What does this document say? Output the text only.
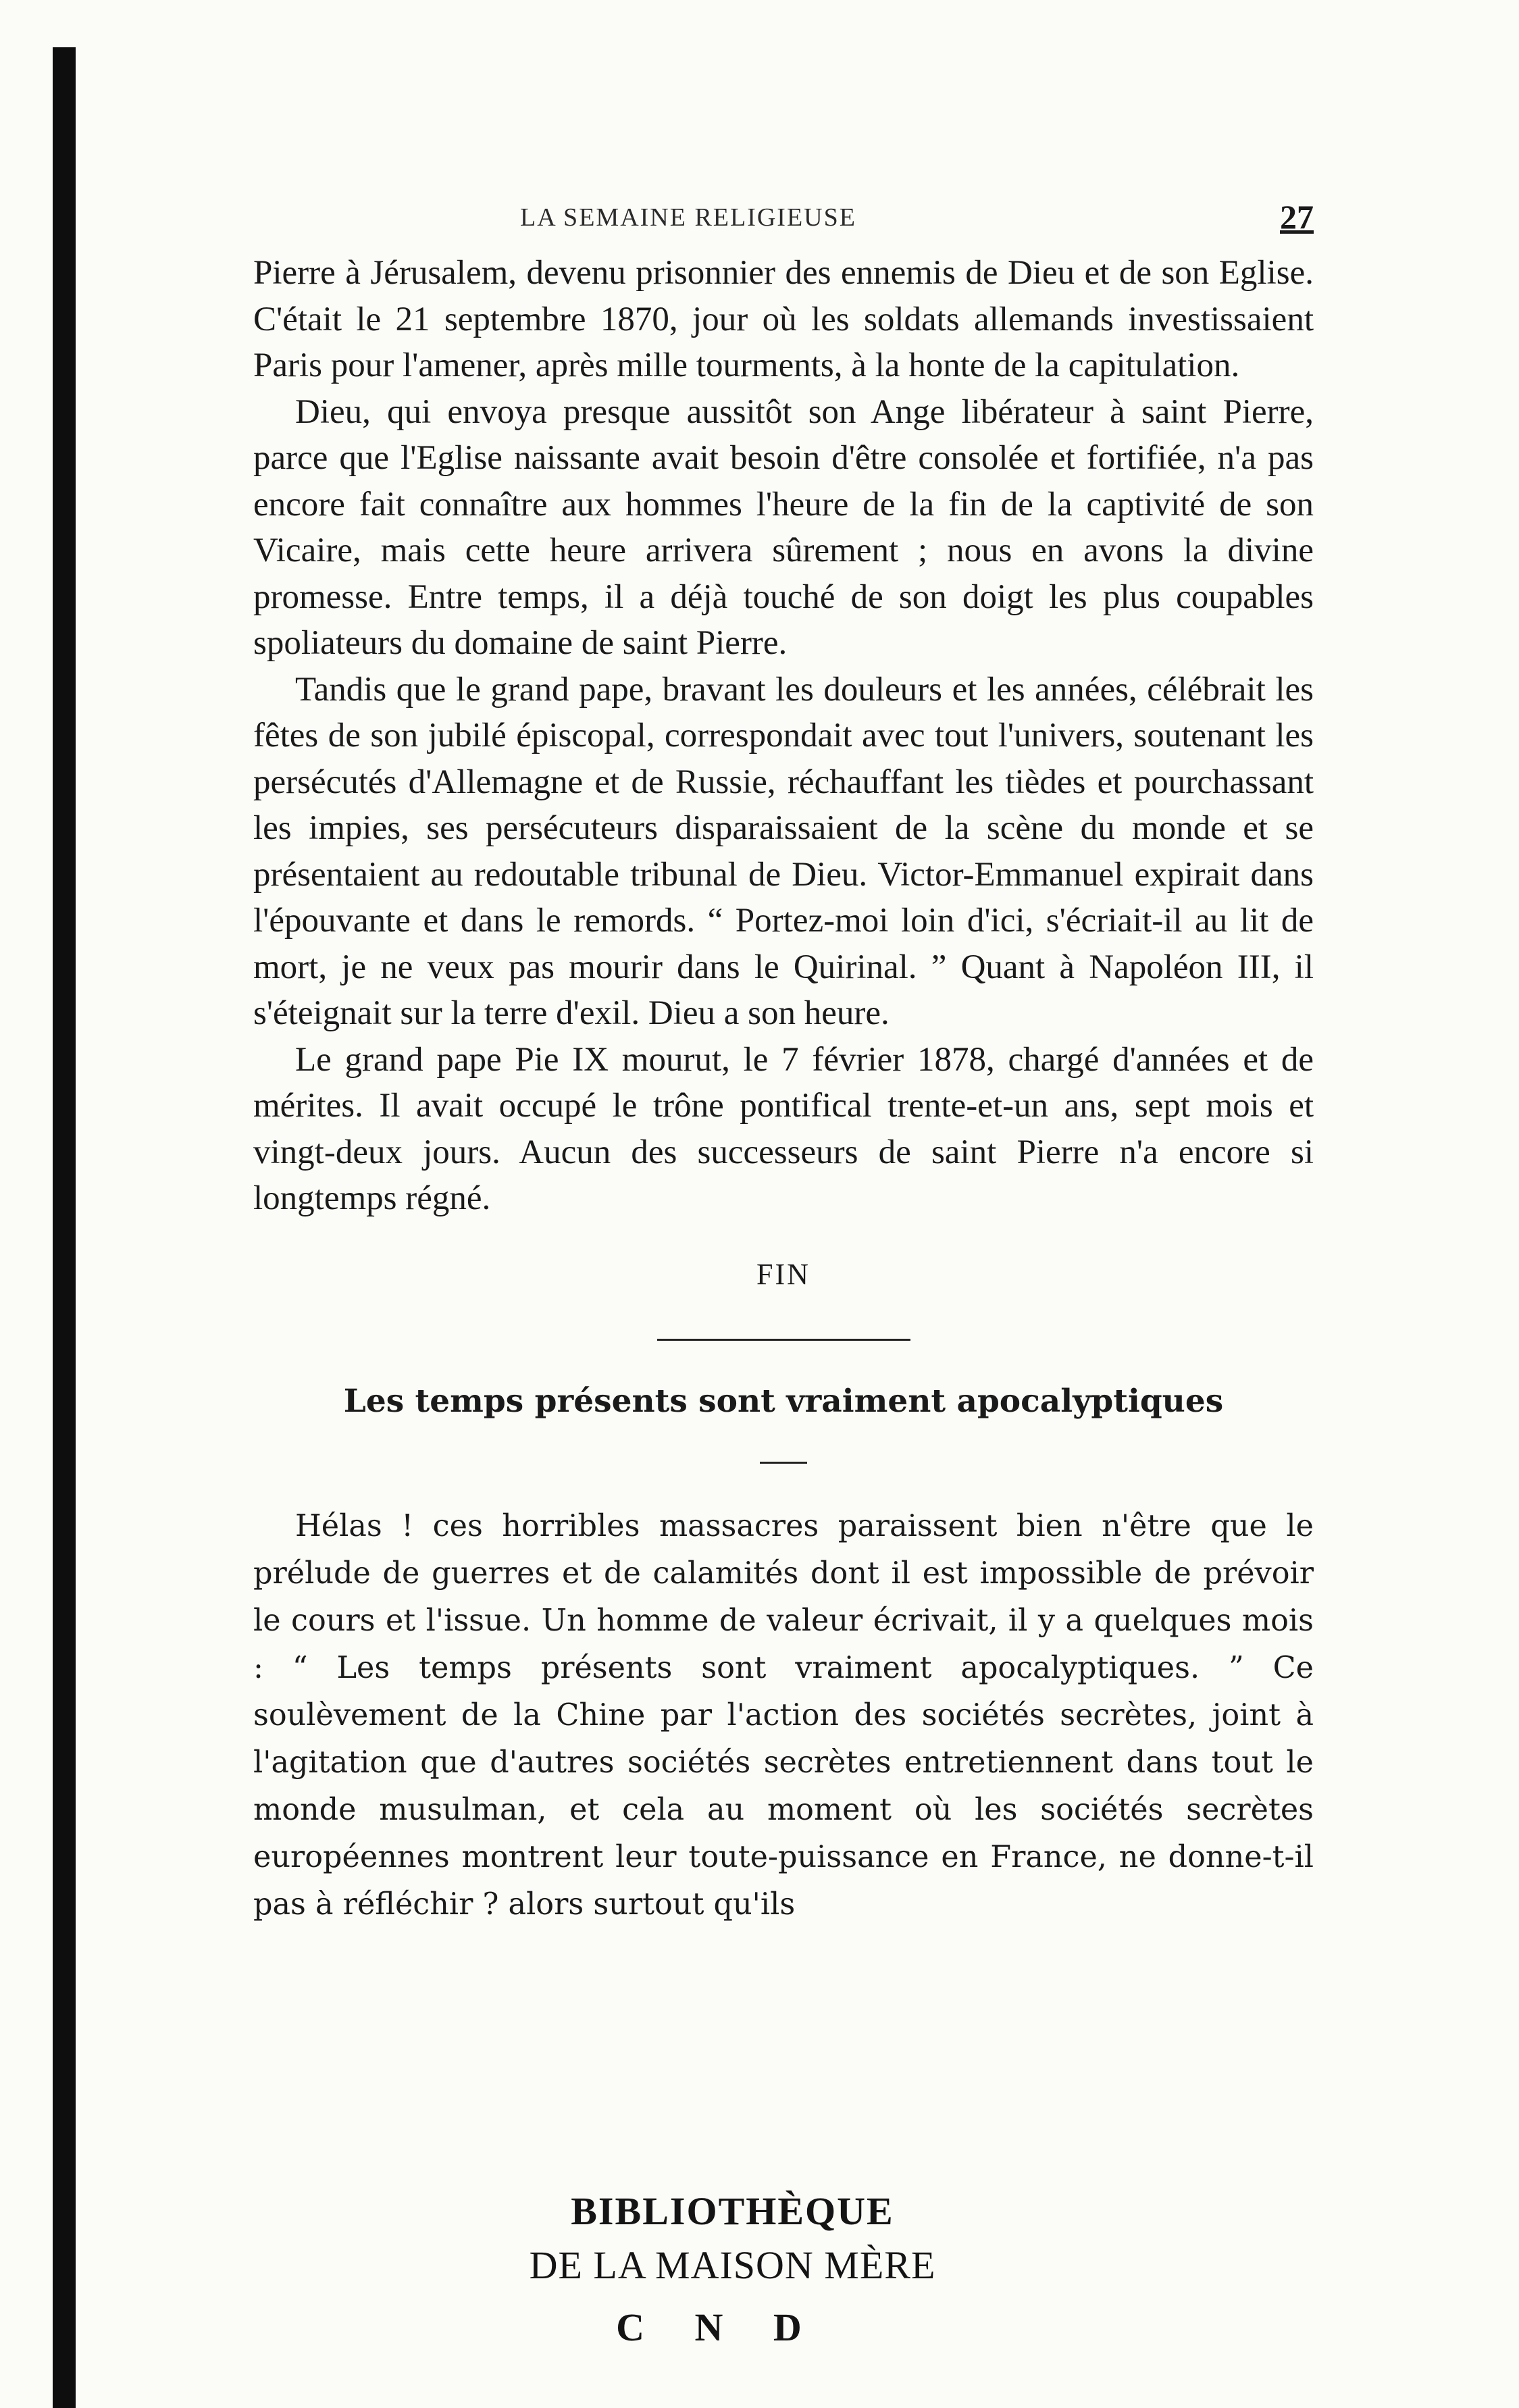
LA SEMAINE RELIGIEUSE	27

Pierre à Jérusalem, devenu prisonnier des ennemis de Dieu et de son Eglise. C'était le 21 septembre 1870, jour où les soldats allemands investissaient Paris pour l'amener, après mille tourments, à la honte de la capitulation.

Dieu, qui envoya presque aussitôt son Ange libérateur à saint Pierre, parce que l'Eglise naissante avait besoin d'être consolée et fortifiée, n'a pas encore fait connaître aux hommes l'heure de la fin de la captivité de son Vicaire, mais cette heure arrivera sûrement ; nous en avons la divine promesse. Entre temps, il a déjà touché de son doigt les plus coupables spoliateurs du domaine de saint Pierre.

Tandis que le grand pape, bravant les douleurs et les années, célébrait les fêtes de son jubilé épiscopal, correspondait avec tout l'univers, soutenant les persécutés d'Allemagne et de Russie, réchauffant les tièdes et pourchassant les impies, ses persécuteurs disparaissaient de la scène du monde et se présentaient au redoutable tribunal de Dieu. Victor-Emmanuel expirait dans l'épouvante et dans le remords. “ Portez-moi loin d'ici, s'écriait-il au lit de mort, je ne veux pas mourir dans le Quirinal. ” Quant à Napoléon III, il s'éteignait sur la terre d'exil. Dieu a son heure.

Le grand pape Pie IX mourut, le 7 février 1878, chargé d'années et de mérites. Il avait occupé le trône pontifical trente-et-un ans, sept mois et vingt-deux jours. Aucun des successeurs de saint Pierre n'a encore si longtemps régné.

FIN
Les temps présents sont vraiment apocalyptiques

Hélas ! ces horribles massacres paraissent bien n'être que le prélude de guerres et de calamités dont il est impossible de prévoir le cours et l'issue. Un homme de valeur écrivait, il y a quelques mois : “ Les temps présents sont vraiment apocalyptiques. ” Ce soulèvement de la Chine par l'action des sociétés secrètes, joint à l'agitation que d'autres sociétés secrètes entretiennent dans tout le monde musulman, et cela au moment où les sociétés secrètes européennes montrent leur toute-puissance en France, ne donne-t-il pas à réfléchir ? alors surtout qu'ils

BIBLIOTHÈQUE
DE LA MAISON MÈRE
C N D
